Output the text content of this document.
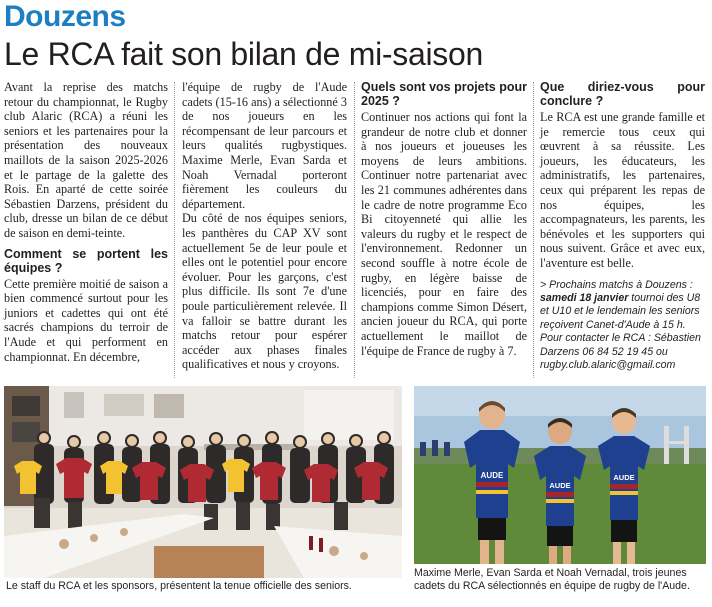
Douzens
Le RCA fait son bilan de mi-saison

Avant la reprise des matchs retour du championnat, le Rugby club Alaric (RCA) a réuni les seniors et les partenaires pour la présentation des nouveaux maillots de la saison 2025-2026 et le partage de la galette des Rois. En aparté de cette soirée Sébastien Darzens, président du club, dresse un bilan de ce début de saison en demi-teinte.

Comment se portent les équipes ?

Cette première moitié de saison a bien commencé surtout pour les juniors et cadettes qui ont été sacrés champions du terroir de l'Aude et qui performent en championnat. En décembre,

l'équipe de rugby de l'Aude cadets (15-16 ans) a sélectionné 3 de nos joueurs en les récompensant de leur parcours et leurs qualités rugbystiques. Maxime Merle, Evan Sarda et Noah Vernadal porteront fièrement les couleurs du département.

Du côté de nos équipes seniors, les panthères du CAP XV sont actuellement 5e de leur poule et elles ont le potentiel pour encore évoluer. Pour les garçons, c'est plus difficile. Ils sont 7e d'une poule particulièrement relevée. Il va falloir se battre durant les matchs retour pour espérer accéder aux phases finales qualificatives et nous y croyons.

Quels sont vos projets pour 2025 ?

Continuer nos actions qui font la grandeur de notre club et donner à nos joueurs et joueuses les moyens de leurs ambitions. Continuer notre partenariat avec les 21 communes adhérentes dans le cadre de notre programme Eco Bi citoyenneté qui allie les valeurs du rugby et le respect de l'environnement. Redonner un second souffle à notre école de rugby, en légère baisse de licenciés, pour en faire des champions comme Simon Désert, ancien joueur du RCA, qui porte actuellement le maillot de l'équipe de France de rugby à 7.

Que diriez-vous pour conclure ?

Le RCA est une grande famille et je remercie tous ceux qui œuvrent à sa réussite. Les joueurs, les éducateurs, les administratifs, les partenaires, ceux qui préparent les repas de nos équipes, les accompagnateurs, les parents, les bénévoles et les supporters qui nous suivent. Grâce et avec eux, l'aventure est belle.

> Prochains matchs à Douzens : samedi 18 janvier tournoi des U8 et U10 et le lendemain les seniors reçoivent Canet-d'Aude à 15 h. Pour contacter le RCA : Sébastien Darzens 06 84 52 19 45 ou rugby.club.alaric@gmail.com
Le staff du RCA et les sponsors, présentent la tenue officielle des seniors.
AUDE
AUDE
AUDE
Maxime Merle, Evan Sarda et Noah Vernadal, trois jeunes cadets du RCA sélectionnés en équipe de rugby de l'Aude.
